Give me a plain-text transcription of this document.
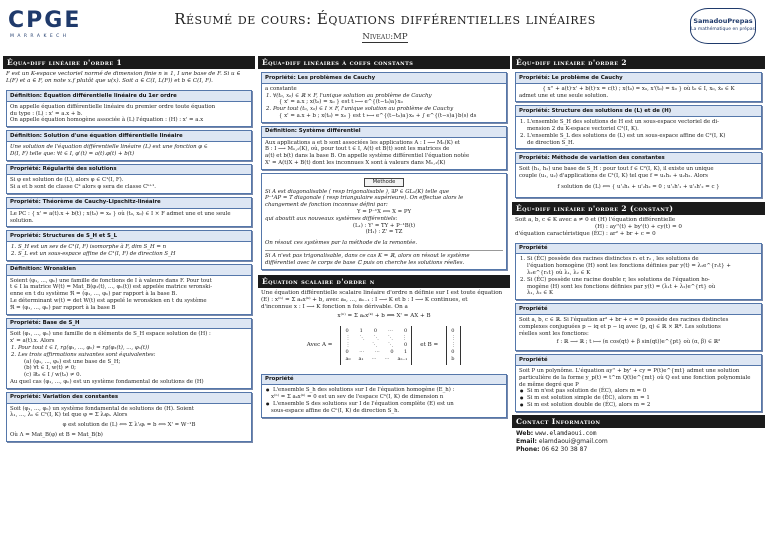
CPGE
M A R R A K E C H
Résumé de cours: Équations différentielles linéaires
Niveau:MP
SamadouPrepas
La mathématique en prépas
Équa-diff linéaire d'ordre 1
F est un K-espace vectoriel normé de dimension finie n ≥ 1, I une base de F. Si u ∈ L(F) et a ∈ F, on note x.f plutôt que u(x). Soit a ∈ C(I, L(F)) et b ∈ C(I, F).
Définition: Équation différentielle linéaire du 1er ordre
On appelle équation différentielle linéaire du premier ordre toute équation
du type : (L) : x' = a.x + b.
On appelle équation homogène associée à (L) l'équation : (H) : x' = a.x
Définition: Solution d'une équation différentielle linéaire
Une solution de l'équation différentielle linéaire (L) est une fonction φ ∈
D(I, F) telle que: ∀t ∈ I, φ'(t) = a(t).φ(t) + b(t)
Propriété: Régularité des solutions
Si φ est solution de (L), alors φ ∈ C¹(I, F).
Si a et b sont de classe Cᵏ alors φ sera de classe Cᵏ⁺¹.
Propriété: Théorème de Cauchy-Lipschitz-linéaire
Le PC : { x' = a(t).x + b(t) ; x(t₀) = x₀ } où (t₀, x₀) ∈ I × F admet une et une seule
solution.
Propriété: Structures de S_H et S_L
1. S_H est un sev de C¹(I, F) isomorphe à F, dim S_H = n
2. S_L est un sous-espace affine de C¹(I, F) de direction S_H
Définition: Wronskien
Soient (φ₁, ..., φₙ) une famille de fonctions de I à valeurs dans F. Pour tout
t ∈ I la matrice W(t) = Mat_B(φ₁(t), ..., φₙ(t)) est appelée matrice wronski-
enne en t du système ℜ = (φ₁, ..., φₙ) par rapport à la base B.
Le déterminant w(t) = det W(t) est appelé le wronskien en t du système
ℜ = (φ₁, ..., φₙ) par rapport à la base B
Propriété: Base de S_H
Soit (φ₁, ..., φₙ) une famille de n éléments de S_H espace solution de (H) :
x' = a(t).x. Alors
1. Pour tout t ∈ I, rg(φ₁, ..., φₙ) = rg(φ₁(t), ..., φₙ(t))
2. Les trois affirmations suivantes sont équivalentes:
(a) (φ₁, ..., φₙ) est une base de S_H;
(b) ∀t ∈ I, w(t) ≠ 0;
(c) ∃t₀ ∈ I / w(t₀) ≠ 0.
Au quel cas (φ₁, ..., φₙ) est un système fondamental de solutions de (H)
Propriété: Variation des constantes
Soit (φ₁, ..., φₙ) un système fondamental de solutions de (H). Soient
λ₁, ..., λₙ ∈ C¹(I, K) tel que φ = Σ λᵢφᵢ. Alors
φ est solution de (L) ⟺ Σ λ'ᵢφᵢ = b ⟺ X' = W⁻¹B
Où Λ = Mat_B(φ) et B = Mat_B(b)
Équa-diff linéaires à coefs constants
Propriété: Les problèmes de Cauchy
a constante
1. ∀(t₀, x₀) ∈ ℝ × F, l'unique solution au problème de Cauchy
{ x' = a.x ; x(t₀) = x₀ } est t ⟼ e^{(t−t₀)a}x₀
2. Pour tout (t₀, x₀) ∈ I × F, l'unique solution au problème de Cauchy
{ x' = a.x + b ; x(t₀) = x₀ } est t ⟼ e^{(t−t₀)a}x₀ + ∫ e^{(t−s)a}b(s) ds
Définition: Système différentiel
Aux applications a et b sont associées les applications A : I ⟶ Mₙ(K) et
B : I ⟶ Mₙ,₁(K), où, pour tout t ∈ I, A(t) et B(t) sont les matrices de
a(t) et b(t) dans la base B. On appelle système différentiel l'équation notée
X' = A(t)X + B(t) dont les inconnues X sont à valeurs dans Mₙ,₁(K)
Méthode
Si A est diagonalisable ( resp trigonalisable ), ∃P ∈ GLₙ(K) telle que
P⁻¹AP = T diagonale ( resp triangulaire supérieure). On effectue alors le
changement de fonction inconnue défini par:
Y = P⁻¹X ⟺ X = PY
qui aboutit aux nouveaux systèmes différentiels:
(L₁) : Y' = TY + P⁻¹B(t)
(H₁) : Z' = TZ
On résout ces systèmes par la méthode de la remontée.
Si A n'est pas trigonalisable, dans ce cas K = ℝ, alors on résout le système
différentiel avec le corps de base ℂ puis on cherche les solutions réelles.
Équation scalaire d'ordre n
Une équation différentielle scalaire linéaire d'ordre n définie sur I est toute équation
(E) : x⁽ⁿ⁾ = Σ aₖx⁽ᵏ⁾ + b, avec a₀, ..., aₙ₋₁ : I ⟶ K et b : I ⟶ K continues, et
d'inconnue x : I ⟶ K fonction n fois dérivable. On a
x⁽ⁿ⁾ = Σ aₖx⁽ᵏ⁾ + b ⟺ X' = AX + B
Avec A =
0 1 0 ⋯ 0
⋮ ⋱ ⋱ ⋱ ⋮
⋮	⋱ ⋱ 0
0 ⋯ ⋯ 0 1
a₀ a₁ ⋯ ⋯ aₙ₋₁
et B =
0
⋮
⋮
0
b
Propriété
● L'ensemble S_h des solutions sur I de l'équation homogène (E_h) :
x⁽ⁿ⁾ = Σ aₖx⁽ᵏ⁾ = 0 est un sev de l'espace Cⁿ(I, K) de dimension n
● L'ensemble S des solutions sur I de l'équation complète (E) est un
sous-espace affine de Cⁿ(I, K) de direction S_h.
Équ-diff linéaire d'ordre 2
Propriété: Le problème de Cauchy
{ x'' + a(t)·x' + b(t)·x = c(t) ; x(t₀) = x₀, x'(t₀) = ẋ₀ } où t₀ ∈ I, x₀, ẋ₀ ∈ K
admet une et une seule solution.
Propriété: Structure des solutions de (L) et de (H)
1. L'ensemble S_H des solutions de H est un sous-espace vectoriel de di-
mension 2 du K-espace vectoriel C²(I, K).
2. L'ensemble S_L des solutions de (L) est un sous-espace affine de C²(I, K)
de direction S_H.
Propriété: Méthode de variation des constantes
Soit (h₁, h₂) une base de S_H : pour tout f ∈ C²(I, K), il existe un unique
couple (u₁, u₂) d'applications de C¹(I, K) tel que f = u₁h₁ + u₂h₂. Alors
f solution de (L) ⟺ { u'₁h₁ + u'₂h₂ = 0 ; u'₁h'₁ + u'₂h'₂ = c }
Équ-diff linéaire d'ordre 2 (constant)
Soit a, b, c ∈ K avec a ≠ 0 et (H) l'équation différentielle
(H) : ay''(t) + by'(t) + cy(t) = 0
d'équation caractéristique (ÉC) : ar² + br + c = 0
Propriété
1. Si (ÉC) possède des racines distinctes r₁ et r₂ , les solutions de
l'équation homogène (H) sont les fonctions définies par y(t) = λ₁e^{r₁t} +
λ₂e^{r₂t} où λ₁, λ₂ ∈ K
2. Si (ÉC) possède une racine double r, les solutions de l'équation ho-
mogène (H) sont les fonctions définies par y(t) = (λ₁t + λ₂)e^{rt} où
λ₁, λ₂ ∈ K
Propriété
Soit a, b, c ∈ ℝ. Si l'équation ar² + br + c = 0 possède des racines distinctes
complexes conjuguées p − iq et p − iq avec (p, q) ∈ ℝ × ℝ*. Les solutions
réelles sont les fonctions:
f : ℝ ⟶ ℝ ; t ⟼ (α cos(qt) + β sin(qt))e^{pt} où (α, β) ∈ ℝ²
Propriété
Soit P un polynôme. L'équation ay'' + by' + cy = P(t)e^{mt} admet une solution
particulière de la forme y_p(t) = t^m Q(t)e^{mt} où Q est une fonction polynomiale
de même degré que P
● Si m n'est pas solution de (ÉC), alors m = 0
● Si m est solution simple de (ÉC), alors m = 1
● Si m est solution double de (ÉC), alors m = 2
Contact Information
Web: www.elamdaoui.com
Email: elamdaoui@gmail.com
Phone: 06 62 30 38 87
